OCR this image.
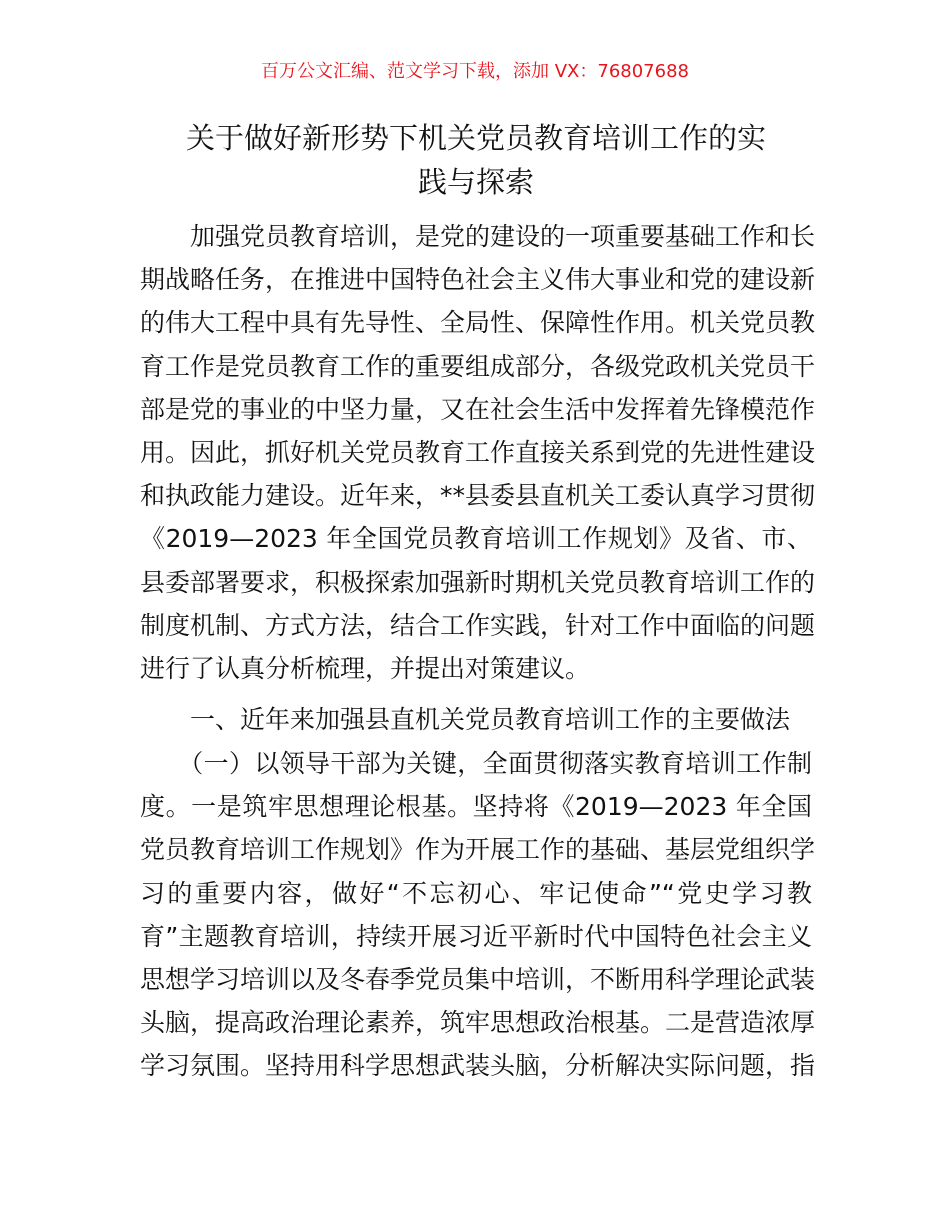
百万公文汇编、范文学习下载，添加 VX：76807688
关于做好新形势下机关党员教育培训工作的实
践与探索
　　加强党员教育培训，是党的建设的一项重要基础工作和长
期战略任务，在推进中国特色社会主义伟大事业和党的建设新
的伟大工程中具有先导性、全局性、保障性作用。机关党员教
育工作是党员教育工作的重要组成部分，各级党政机关党员干
部是党的事业的中坚力量，又在社会生活中发挥着先锋模范作
用。因此，抓好机关党员教育工作直接关系到党的先进性建设
和执政能力建设。近年来，**县委县直机关工委认真学习贯彻
《2019—2023 年全国党员教育培训工作规划》及省、市、
县委部署要求，积极探索加强新时期机关党员教育培训工作的
制度机制、方式方法，结合工作实践，针对工作中面临的问题
进行了认真分析梳理，并提出对策建议。
　　一、近年来加强县直机关党员教育培训工作的主要做法
　　（一）以领导干部为关键，全面贯彻落实教育培训工作制
度。一是筑牢思想理论根基。坚持将《2019—2023 年全国
党员教育培训工作规划》作为开展工作的基础、基层党组织学
习的重要内容，做好“不忘初心、牢记使命”“党史学习教
育”主题教育培训，持续开展习近平新时代中国特色社会主义
思想学习培训以及冬春季党员集中培训，不断用科学理论武装
头脑，提高政治理论素养，筑牢思想政治根基。二是营造浓厚
学习氛围。坚持用科学思想武装头脑，分析解决实际问题，指
